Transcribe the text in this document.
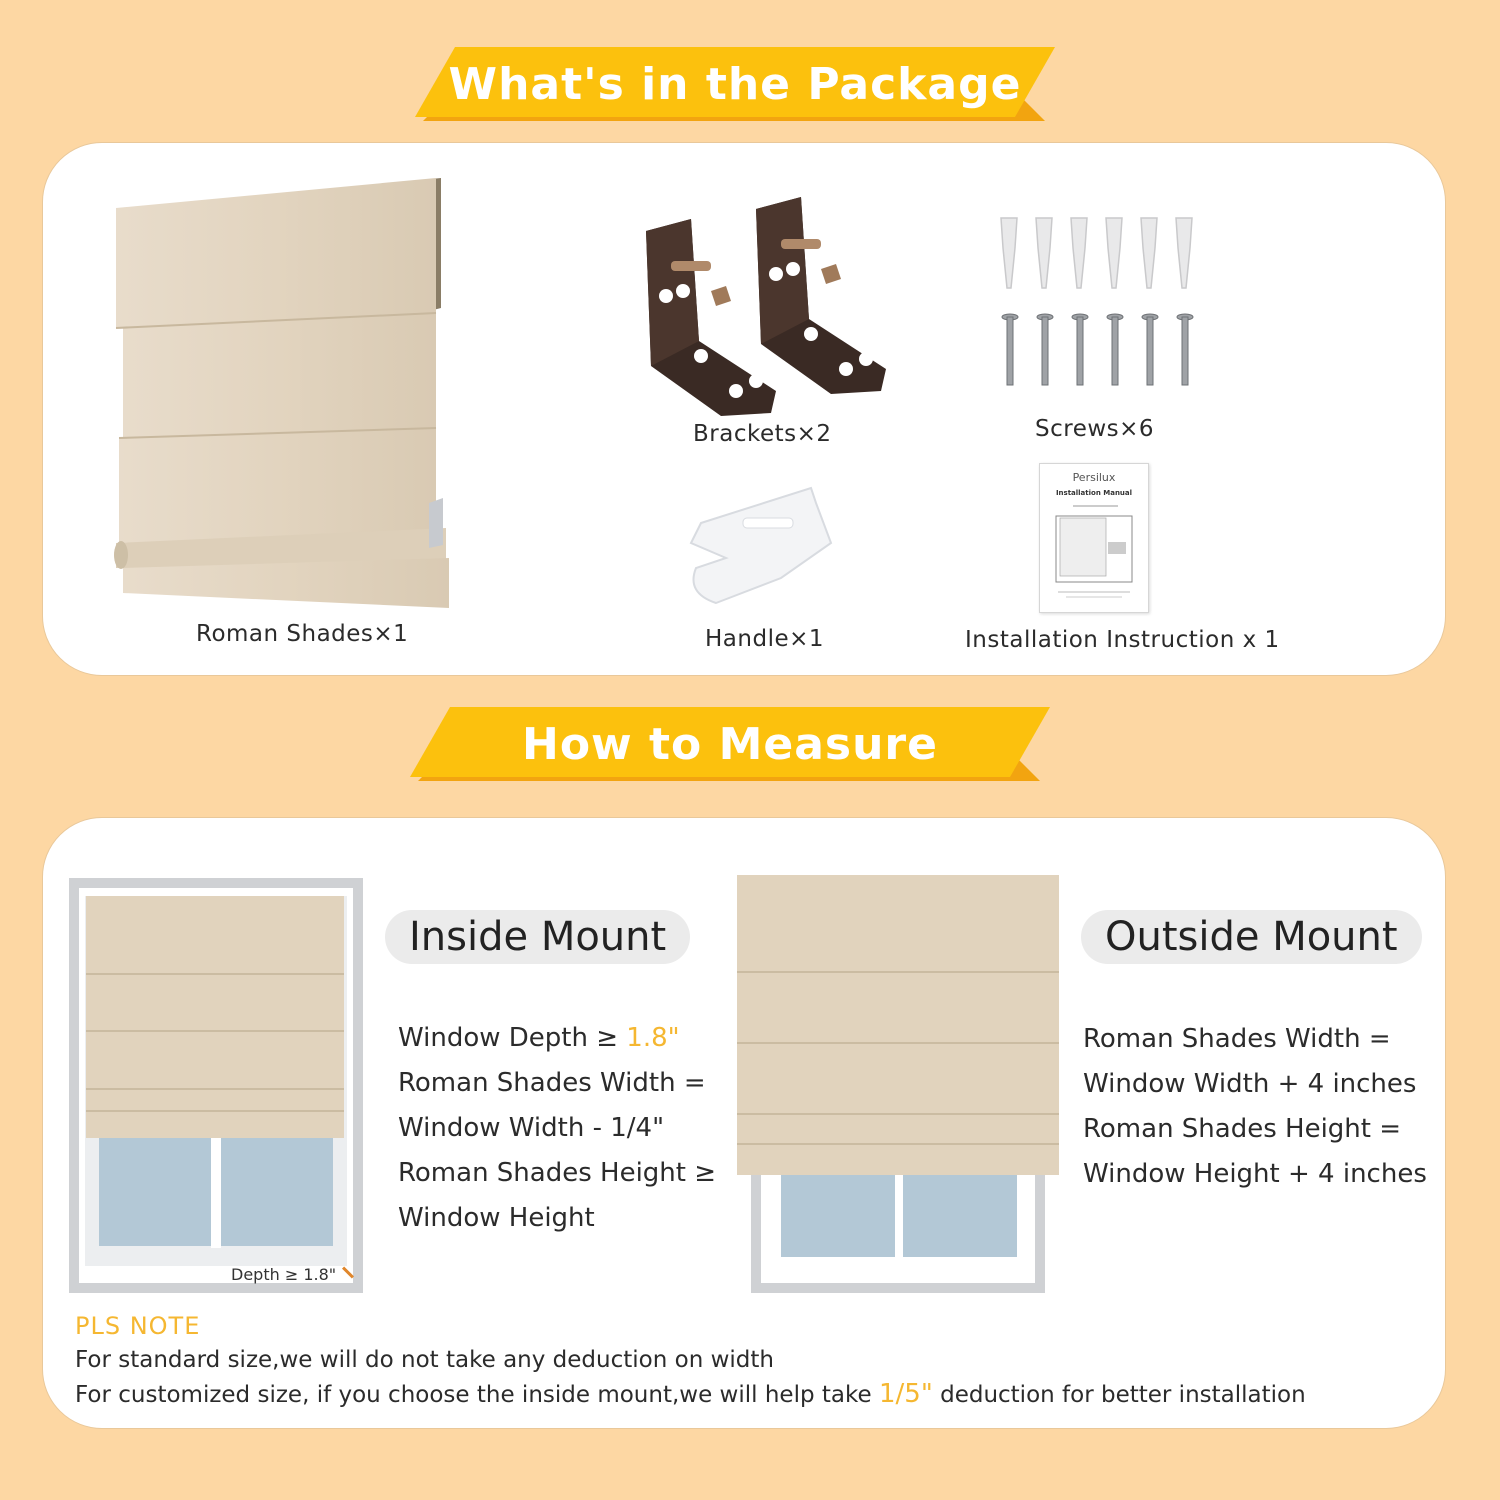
What's in the Package
Roman Shades×1
Brackets×2	Screws×6
Handle×1
Persilux
Installation Manual
Installation Instruction x 1
How to Measure
Depth ≥ 1.8"
Inside Mount
Window Depth ≥ 1.8"
Roman Shades Width =
Window Width - 1/4"
Roman Shades Height ≥
Window Height
Outside Mount
Roman Shades Width =
Window Width + 4 inches
Roman Shades Height =
Window Height + 4 inches
PLS NOTE
For standard size,we will do not take any deduction on width
For customized size, if you choose the inside mount,we will help take 1/5" deduction for better installation
